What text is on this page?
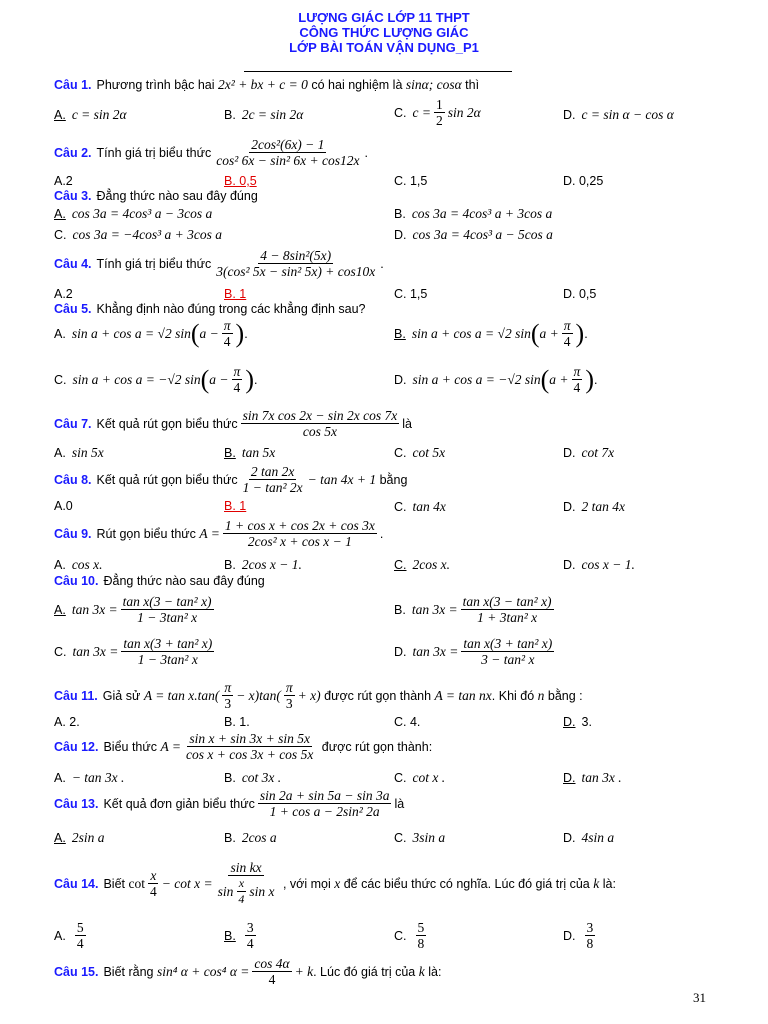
LƯỢNG GIÁC LỚP 11 THPT
CÔNG THỨC LƯỢNG GIÁC
LỚP BÀI TOÁN VẬN DỤNG_P1
Câu 1. Phương trình bậc hai
2x² + bx + c = 0
có hai nghiệm là
sinα; cosα
thì
A. c = sin 2α	B. 2c = sin 2α	C. $c = \frac{1}{2}$ sin 2α	D. c = sin α − cos α
Câu 2. Tính giá trị biểu thức
2cos²(6x) − 1
cos² 6x − sin² 6x + cos12x
.
A.2	B. 0,5	C. 1,5	D. 0,25
Câu 3. Đẳng thức nào sau đây đúng
A. cos 3a = 4cos³ a − 3cos a	B. cos 3a = 4cos³ a + 3cos a
C. cos 3a = −4cos³ a + 3cos a	D. cos 3a = 4cos³ a − 5cos a
Câu 4. Tính giá trị biểu thức
4 − 8sin²(5x)
3(cos² 5x − sin² 5x) + cos10x
.
A.2	B. 1	C. 1,5	D. 0,5
Câu 5. Khẳng định nào đúng trong các khẳng định sau?
A. sin a + cos a = √2 sin ( $a - \frac{\pi}{4}$ ) .	B. sin a + cos a = √2 sin ( $a + \frac{\pi}{4}$ ) .
C. sin a + cos a = −√2 sin ( $a - \frac{\pi}{4}$ ) .	D. sin a + cos a = −√2 sin ( $a + \frac{\pi}{4}$ ) .
Câu 7. Kết quả rút gọn biểu thức
sin 7x cos 2x − sin 2x cos 7x
cos 5x
là
A. sin 5x	B. tan 5x	C. cot 5x	D. cot 7x
Câu 8. Kết quả rút gọn biểu thức
2 tan 2x
1 − tan² 2x
− tan 4x + 1
bằng
A.0	B. 1	C. tan 4x	D. 2 tan 4x
Câu 9. Rút gọn biểu thức
$A = \frac{\text{1 + cos x + cos 2x + cos 3x}}{\text{2cos² x + cos x − 1}}$ .
A. cos x.	B. 2cos x − 1.	C. 2cos x.	D. cos x − 1.
Câu 10. Đẳng thức nào sau đây đúng
A. $\tan 3x = \frac{\text{tan x(3 − tan² x)}}{\text{1 − 3tan² x}}$	B. $\tan 3x = \frac{\text{tan x(3 − tan² x)}}{\text{1 + 3tan² x}}$
C. $\tan 3x = \frac{\text{tan x(3 + tan² x)}}{\text{1 − 3tan² x}}$	D. $\tan 3x = \frac{\text{tan x(3 + tan² x)}}{\text{3 − tan² x}}$
Câu 11. Giả sử
A = tan x.tan( π
3
− x)tan( π
3
+ x)
được rút gọn thành
A = tan nx . Khi đó
n
bằng :
A. 2.	B. 1.	C. 4.	D. 3.
Câu 12. Biểu thức
$A = \frac{\text{sin x + sin 3x + sin 5x}}{\text{cos x + cos 3x + cos 5x}}$
được rút gọn thành:
A. − tan 3x .	B. cot 3x .	C. cot x .	D. tan 3x .
Câu 13. Kết quả đơn giản biểu thức
sin 2a + sin 5a − sin 3a
1 + cos a − 2sin² 2a
là
A. 2sin a	B. 2cos a	C. 3sin a	D. 4sin a
Câu 14. Biết
cot x
4
− cot x = sin kx
sin
x
4 sin x
, với mọi
x
để các biểu thức có nghĩa. Lúc đó giá trị của
k
là:
A.
5
4
B.
3
4
C.
5
8
D.
3
8
Câu 15. Biết rằng
sin⁴ α + cos⁴ $\alpha = \frac{\cos 4\alpha}{4} + k$ . Lúc đó giá trị của
k
là:
31
